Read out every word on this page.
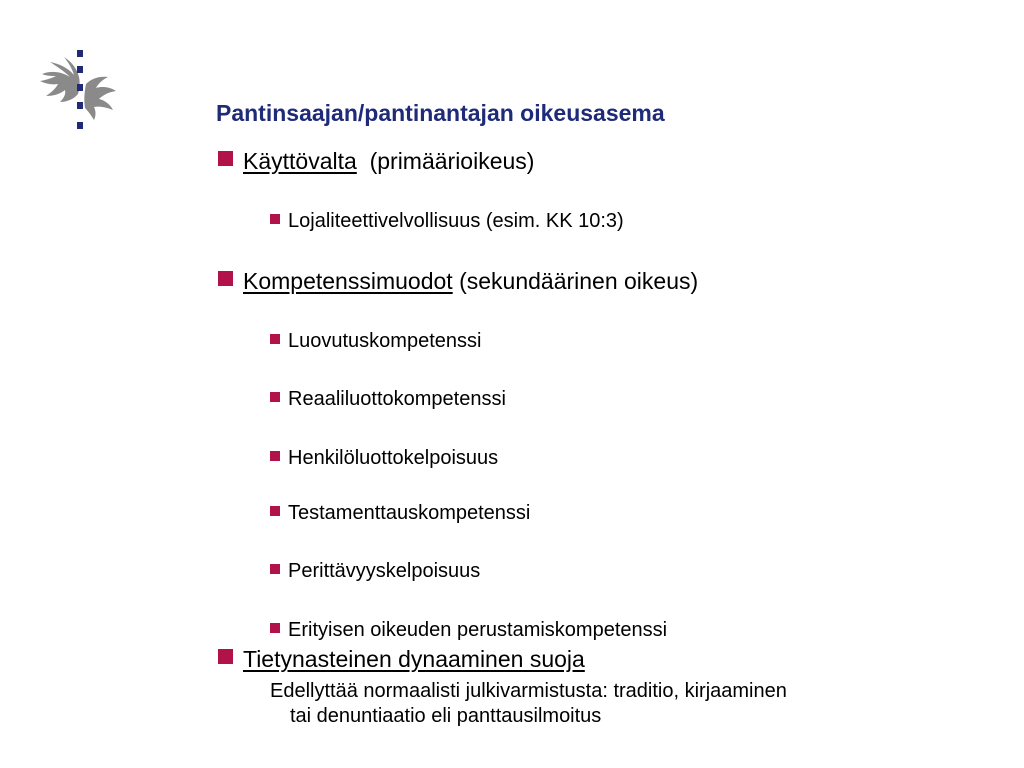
Pantinsaajan/pantinantajan oikeusasema
Käyttövalta (primäärioikeus)
Lojaliteettivelvollisuus (esim. KK 10:3)
Kompetenssimuodot (sekundäärinen oikeus)
Luovutuskompetenssi
Reaaliluottokompetenssi
Henkilöluottokelpoisuus
Testamenttauskompetenssi
Perittävyyskelpoisuus
Erityisen oikeuden perustamiskompetenssi
Tietynasteinen dynaaminen suoja
Edellyttää normaalisti julkivarmistusta: traditio, kirjaaminen
tai denuntiaatio eli panttausilmoitus
